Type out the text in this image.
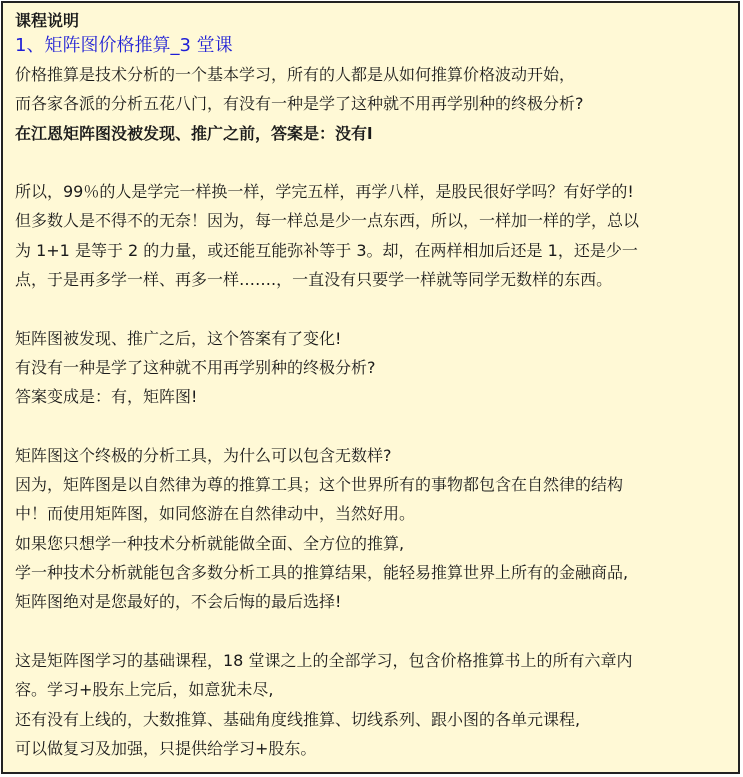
课程说明
1、矩阵图价格推算_3 堂课
价格推算是技术分析的一个基本学习，所有的人都是从如何推算价格波动开始，
而各家各派的分析五花八门，有没有一种是学了这种就不用再学别种的终极分析?
在江恩矩阵图没被发现、推广之前，答案是：没有l
所以，99％的人是学完一样换一样，学完五样，再学八样，是股民很好学吗？有好学的!
但多数人是不得不的无奈！因为，每一样总是少一点东西，所以，一样加一样的学，总以
为 1+1 是等于 2 的力量，或还能互能弥补等于 3。却，在两样相加后还是 1，还是少一
点，于是再多学一样、再多一样…….，一直没有只要学一样就等同学无数样的东西。
矩阵图被发现、推广之后，这个答案有了变化!
有没有一种是学了这种就不用再学别种的终极分析?
答案变成是：有，矩阵图!
矩阵图这个终极的分析工具，为什么可以包含无数样?
因为，矩阵图是以自然律为尊的推算工具；这个世界所有的事物都包含在自然律的结构
中！而使用矩阵图，如同悠游在自然律动中，当然好用。
如果您只想学一种技术分析就能做全面、全方位的推算,
学一种技术分析就能包含多数分析工具的推算结果，能轻易推算世界上所有的金融商品,
矩阵图绝对是您最好的，不会后悔的最后选择!
这是矩阵图学习的基础课程，18 堂课之上的全部学习，包含价格推算书上的所有六章内
容。学习+股东上完后，如意犹未尽,
还有没有上线的，大数推算、基础角度线推算、切线系列、跟小图的各单元课程,
可以做复习及加强，只提供给学习+股东。
